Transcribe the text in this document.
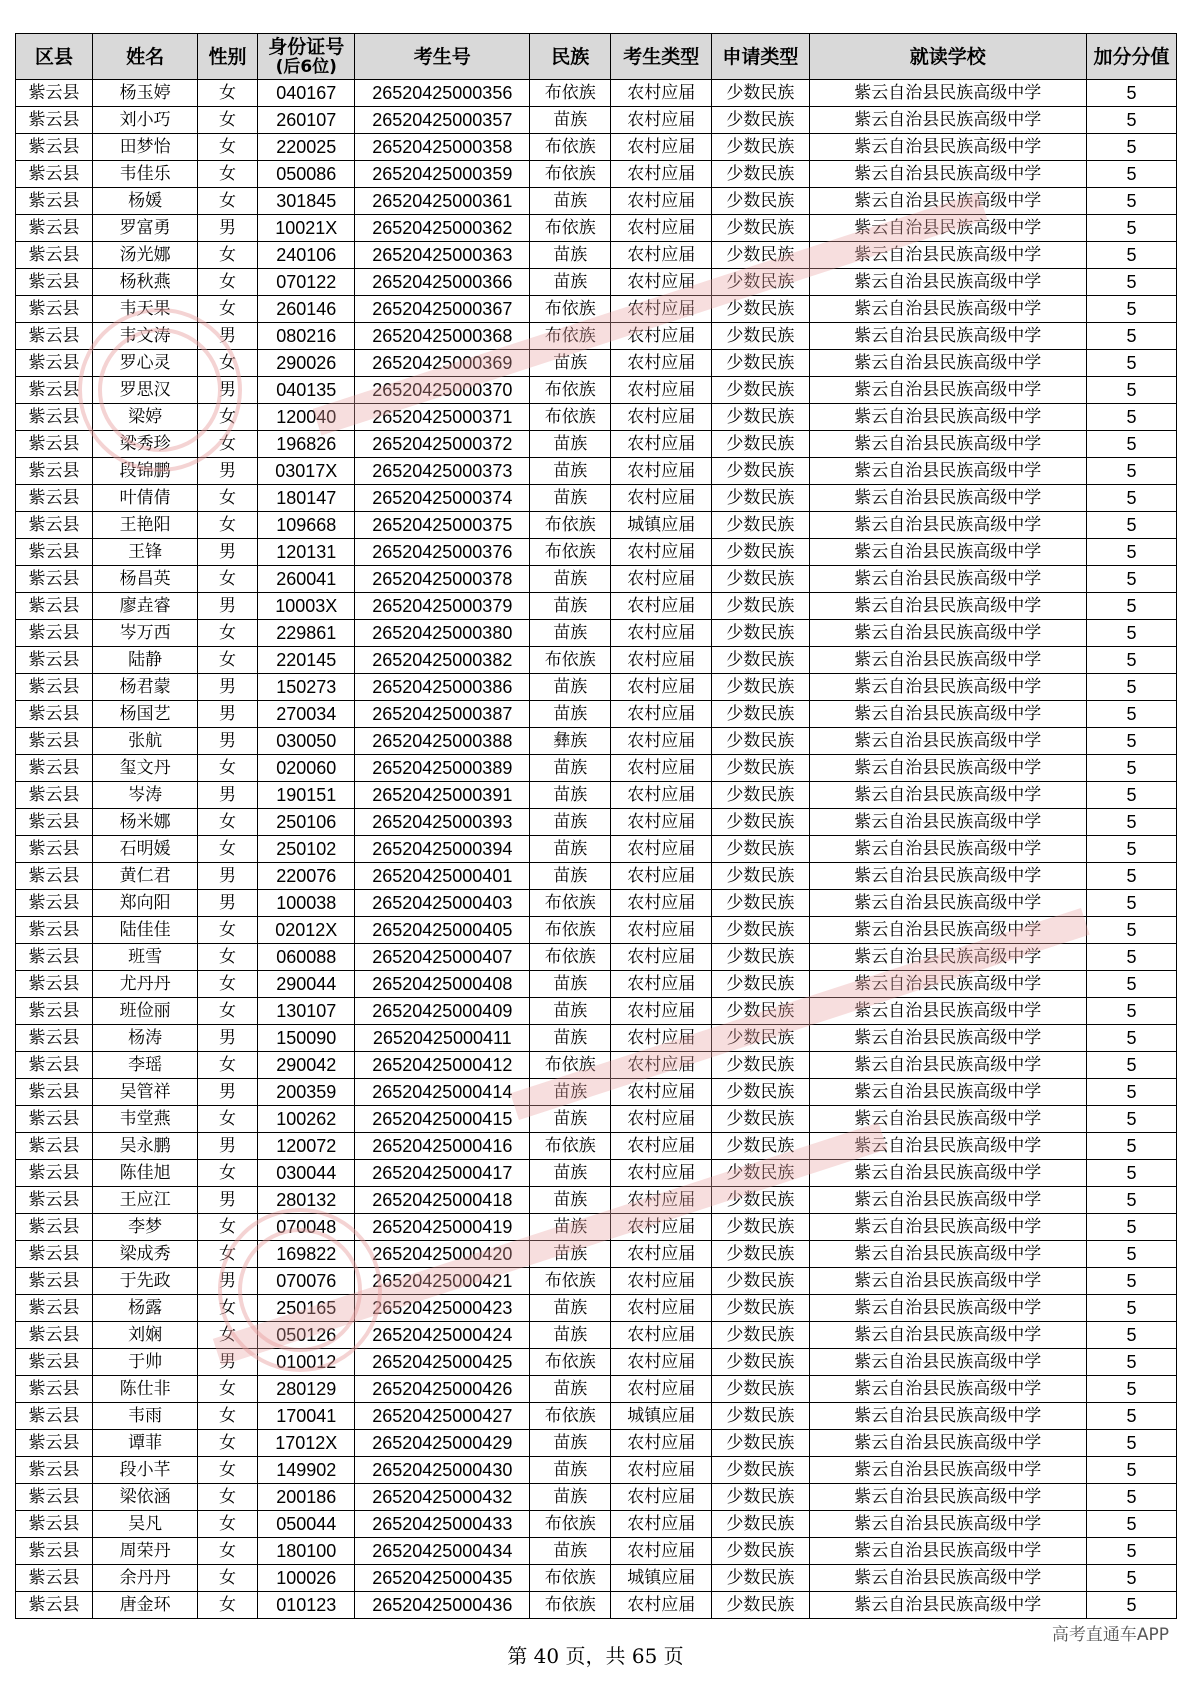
区县	姓名	性别	身份证号
(后6位)	考生号	民族	考生类型	申请类型	就读学校	加分分值
紫云县	杨玉婷	女	040167	26520425000356	布依族	农村应届	少数民族	紫云自治县民族高级中学	5
紫云县	刘小巧	女	260107	26520425000357	苗族	农村应届	少数民族	紫云自治县民族高级中学	5
紫云县	田梦怡	女	220025	26520425000358	布依族	农村应届	少数民族	紫云自治县民族高级中学	5
紫云县	韦佳乐	女	050086	26520425000359	布依族	农村应届	少数民族	紫云自治县民族高级中学	5
紫云县	杨媛	女	301845	26520425000361	苗族	农村应届	少数民族	紫云自治县民族高级中学	5
紫云县	罗富勇	男	10021X	26520425000362	布依族	农村应届	少数民族	紫云自治县民族高级中学	5
紫云县	汤光娜	女	240106	26520425000363	苗族	农村应届	少数民族	紫云自治县民族高级中学	5
紫云县	杨秋燕	女	070122	26520425000366	苗族	农村应届	少数民族	紫云自治县民族高级中学	5
紫云县	韦天果	女	260146	26520425000367	布依族	农村应届	少数民族	紫云自治县民族高级中学	5
紫云县	韦文涛	男	080216	26520425000368	布依族	农村应届	少数民族	紫云自治县民族高级中学	5
紫云县	罗心灵	女	290026	26520425000369	苗族	农村应届	少数民族	紫云自治县民族高级中学	5
紫云县	罗思汉	男	040135	26520425000370	布依族	农村应届	少数民族	紫云自治县民族高级中学	5
紫云县	梁婷	女	120040	26520425000371	布依族	农村应届	少数民族	紫云自治县民族高级中学	5
紫云县	梁秀珍	女	196826	26520425000372	苗族	农村应届	少数民族	紫云自治县民族高级中学	5
紫云县	段锦鹏	男	03017X	26520425000373	苗族	农村应届	少数民族	紫云自治县民族高级中学	5
紫云县	叶倩倩	女	180147	26520425000374	苗族	农村应届	少数民族	紫云自治县民族高级中学	5
紫云县	王艳阳	女	109668	26520425000375	布依族	城镇应届	少数民族	紫云自治县民族高级中学	5
紫云县	王锋	男	120131	26520425000376	布依族	农村应届	少数民族	紫云自治县民族高级中学	5
紫云县	杨昌英	女	260041	26520425000378	苗族	农村应届	少数民族	紫云自治县民族高级中学	5
紫云县	廖垚睿	男	10003X	26520425000379	苗族	农村应届	少数民族	紫云自治县民族高级中学	5
紫云县	岑万西	女	229861	26520425000380	苗族	农村应届	少数民族	紫云自治县民族高级中学	5
紫云县	陆静	女	220145	26520425000382	布依族	农村应届	少数民族	紫云自治县民族高级中学	5
紫云县	杨君蒙	男	150273	26520425000386	苗族	农村应届	少数民族	紫云自治县民族高级中学	5
紫云县	杨国艺	男	270034	26520425000387	苗族	农村应届	少数民族	紫云自治县民族高级中学	5
紫云县	张航	男	030050	26520425000388	彝族	农村应届	少数民族	紫云自治县民族高级中学	5
紫云县	玺文丹	女	020060	26520425000389	苗族	农村应届	少数民族	紫云自治县民族高级中学	5
紫云县	岑涛	男	190151	26520425000391	苗族	农村应届	少数民族	紫云自治县民族高级中学	5
紫云县	杨米娜	女	250106	26520425000393	苗族	农村应届	少数民族	紫云自治县民族高级中学	5
紫云县	石明媛	女	250102	26520425000394	苗族	农村应届	少数民族	紫云自治县民族高级中学	5
紫云县	黄仁君	男	220076	26520425000401	苗族	农村应届	少数民族	紫云自治县民族高级中学	5
紫云县	郑向阳	男	100038	26520425000403	布依族	农村应届	少数民族	紫云自治县民族高级中学	5
紫云县	陆佳佳	女	02012X	26520425000405	布依族	农村应届	少数民族	紫云自治县民族高级中学	5
紫云县	班雪	女	060088	26520425000407	布依族	农村应届	少数民族	紫云自治县民族高级中学	5
紫云县	尤丹丹	女	290044	26520425000408	苗族	农村应届	少数民族	紫云自治县民族高级中学	5
紫云县	班俭丽	女	130107	26520425000409	苗族	农村应届	少数民族	紫云自治县民族高级中学	5
紫云县	杨涛	男	150090	26520425000411	苗族	农村应届	少数民族	紫云自治县民族高级中学	5
紫云县	李瑶	女	290042	26520425000412	布依族	农村应届	少数民族	紫云自治县民族高级中学	5
紫云县	吴管祥	男	200359	26520425000414	苗族	农村应届	少数民族	紫云自治县民族高级中学	5
紫云县	韦堂燕	女	100262	26520425000415	苗族	农村应届	少数民族	紫云自治县民族高级中学	5
紫云县	吴永鹏	男	120072	26520425000416	布依族	农村应届	少数民族	紫云自治县民族高级中学	5
紫云县	陈佳旭	女	030044	26520425000417	苗族	农村应届	少数民族	紫云自治县民族高级中学	5
紫云县	王应江	男	280132	26520425000418	苗族	农村应届	少数民族	紫云自治县民族高级中学	5
紫云县	李梦	女	070048	26520425000419	苗族	农村应届	少数民族	紫云自治县民族高级中学	5
紫云县	梁成秀	女	169822	26520425000420	苗族	农村应届	少数民族	紫云自治县民族高级中学	5
紫云县	于先政	男	070076	26520425000421	布依族	农村应届	少数民族	紫云自治县民族高级中学	5
紫云县	杨露	女	250165	26520425000423	苗族	农村应届	少数民族	紫云自治县民族高级中学	5
紫云县	刘娴	女	050126	26520425000424	苗族	农村应届	少数民族	紫云自治县民族高级中学	5
紫云县	于帅	男	010012	26520425000425	布依族	农村应届	少数民族	紫云自治县民族高级中学	5
紫云县	陈仕非	女	280129	26520425000426	苗族	农村应届	少数民族	紫云自治县民族高级中学	5
紫云县	韦雨	女	170041	26520425000427	布依族	城镇应届	少数民族	紫云自治县民族高级中学	5
紫云县	谭菲	女	17012X	26520425000429	苗族	农村应届	少数民族	紫云自治县民族高级中学	5
紫云县	段小芊	女	149902	26520425000430	苗族	农村应届	少数民族	紫云自治县民族高级中学	5
紫云县	梁依涵	女	200186	26520425000432	苗族	农村应届	少数民族	紫云自治县民族高级中学	5
紫云县	吴凡	女	050044	26520425000433	布依族	农村应届	少数民族	紫云自治县民族高级中学	5
紫云县	周荣丹	女	180100	26520425000434	苗族	农村应届	少数民族	紫云自治县民族高级中学	5
紫云县	余丹丹	女	100026	26520425000435	布依族	城镇应届	少数民族	紫云自治县民族高级中学	5
紫云县	唐金环	女	010123	26520425000436	布依族	农村应届	少数民族	紫云自治县民族高级中学	5
高考直通车APP
第 40 页，共 65 页
